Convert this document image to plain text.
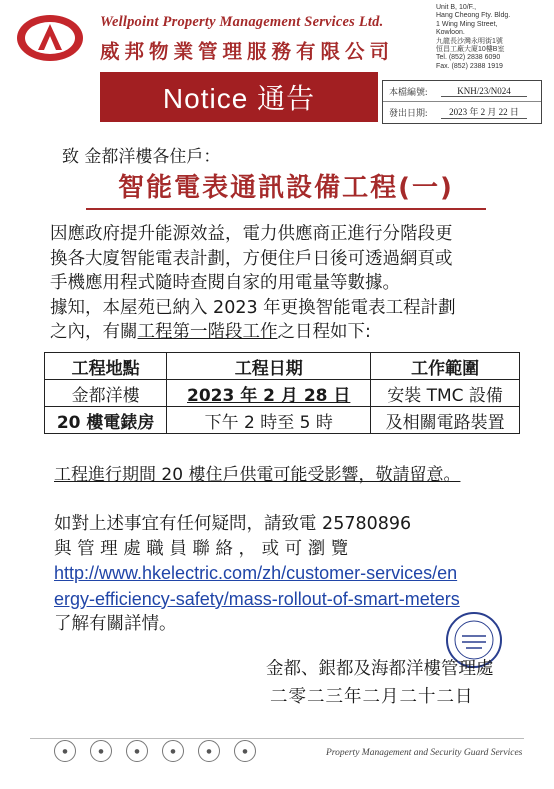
Wellpoint Property Management Services Ltd.
威邦物業管理服務有限公司
Unit B, 10/F.,
Hang Cheong Fty. Bldg.
1 Wing Ming Street,
Kowloon.
九龍長沙灣永明街1號
恒昌工廠大廈10樓B室
Tel. (852) 2838 6090
Fax. (852) 2388 1919
Notice 通告	本檔編號:	KNH/23/N024
發出日期:	2023 年 2 月 22 日
致 金都洋樓各住戶：
智能電表通訊設備工程(一)
因應政府提升能源效益，電力供應商正進行分階段更
換各大廈智能電表計劃，方便住戶日後可透過網頁或
手機應用程式隨時查閱自家的用電量等數據。
據知，本屋苑已納入 2023 年更換智能電表工程計劃
之內，有關工程第一階段工作之日程如下:
工程地點	工程日期	工作範圍
金都洋樓	2023 年 2 月 28 日	安裝 TMC 設備
20 樓電錶房	下午 2 時至 5 時	及相關電路裝置
工程進行期間 20 樓住戶供電可能受影響，敬請留意。
如對上述事宜有任何疑問，請致電 25780896
與 管 理 處 職 員 聯 絡 ， 或 可 瀏 覽
http://www.hkelectric.com/zh/customer-services/en
ergy-efficiency-safety/mass-rollout-of-smart-meters
了解有關詳情。
金都、銀都及海都洋樓管理處
二零二三年二月二十二日
●	●	●	●	●	●	Property Management and Security Guard Services
